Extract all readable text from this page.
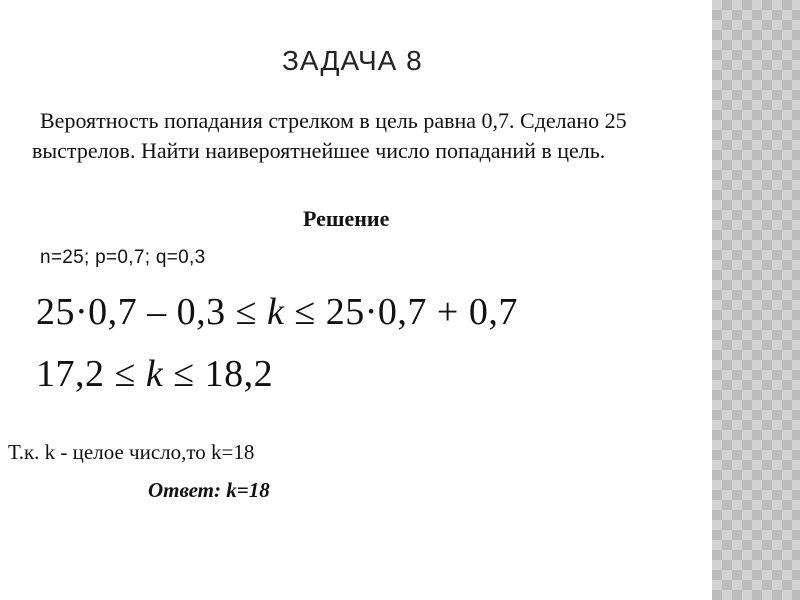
ЗАДАЧА 8
Вероятность попадания стрелком в цель равна 0,7. Сделано 25 выстрелов. Найти наивероятнейшее число попаданий в цель.
Решение
n=25; p=0,7; q=0,3
25·0,7 – 0,3 ≤ k ≤ 25·0,7 + 0,7
17,2 ≤ k ≤ 18,2
Т.к. k - целое число,то k=18
Ответ: k=18
